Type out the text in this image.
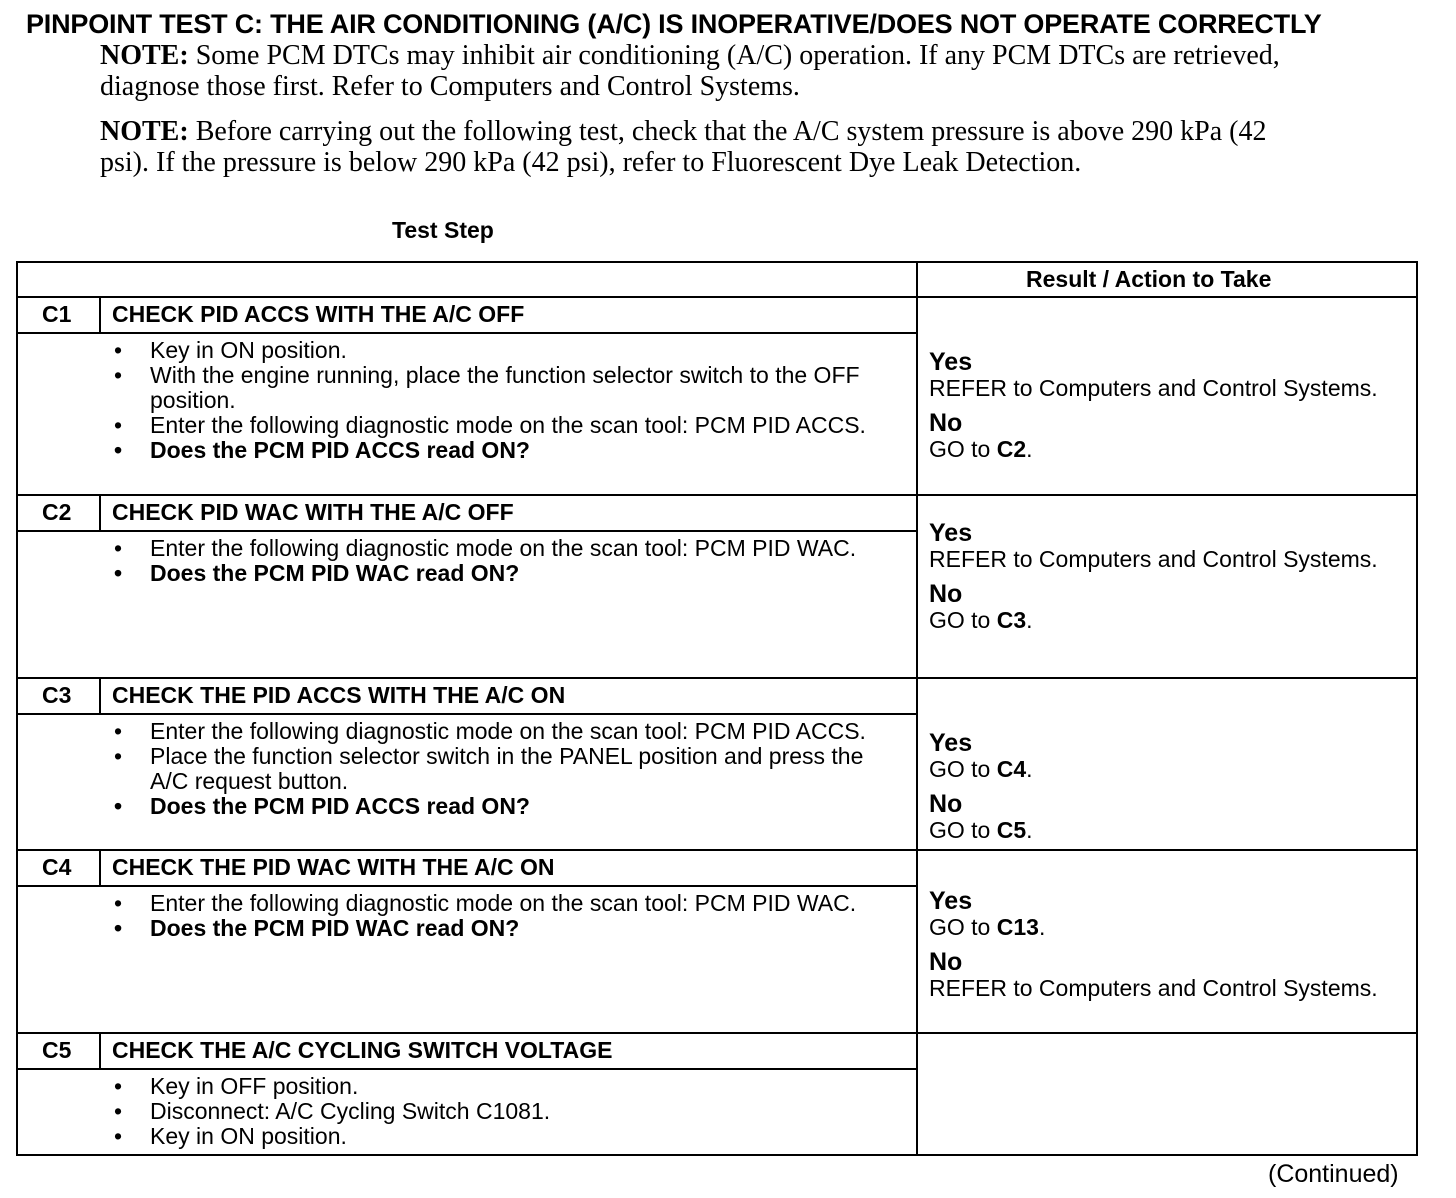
PINPOINT TEST C: THE AIR CONDITIONING (A/C) IS INOPERATIVE/DOES NOT OPERATE CORRECTLY
NOTE: Some PCM DTCs may inhibit air conditioning (A/C) operation. If any PCM DTCs are retrieved, diagnose those first. Refer to Computers and Control Systems.
NOTE: Before carrying out the following test, check that the A/C system pressure is above 290 kPa (42 psi). If the pressure is below 290 kPa (42 psi), refer to Fluorescent Dye Leak Detection.
Test Step
Result / Action to Take
C1 CHECK PID ACCS WITH THE A/C OFF
• Key in ON position.
• With the engine running, place the function selector switch to the OFF position.
• Enter the following diagnostic mode on the scan tool: PCM PID ACCS.
• Does the PCM PID ACCS read ON?
Yes
REFER to Computers and Control Systems.
No
GO to C2.
C2 CHECK PID WAC WITH THE A/C OFF
• Enter the following diagnostic mode on the scan tool: PCM PID WAC.
• Does the PCM PID WAC read ON?
Yes
REFER to Computers and Control Systems.
No
GO to C3.
C3 CHECK THE PID ACCS WITH THE A/C ON
• Enter the following diagnostic mode on the scan tool: PCM PID ACCS.
• Place the function selector switch in the PANEL position and press the A/C request button.
• Does the PCM PID ACCS read ON?
Yes
GO to C4.
No
GO to C5.
C4 CHECK THE PID WAC WITH THE A/C ON
• Enter the following diagnostic mode on the scan tool: PCM PID WAC.
• Does the PCM PID WAC read ON?
Yes
GO to C13.
No
REFER to Computers and Control Systems.
C5 CHECK THE A/C CYCLING SWITCH VOLTAGE
• Key in OFF position.
• Disconnect: A/C Cycling Switch C1081.
• Key in ON position.
(Continued)
